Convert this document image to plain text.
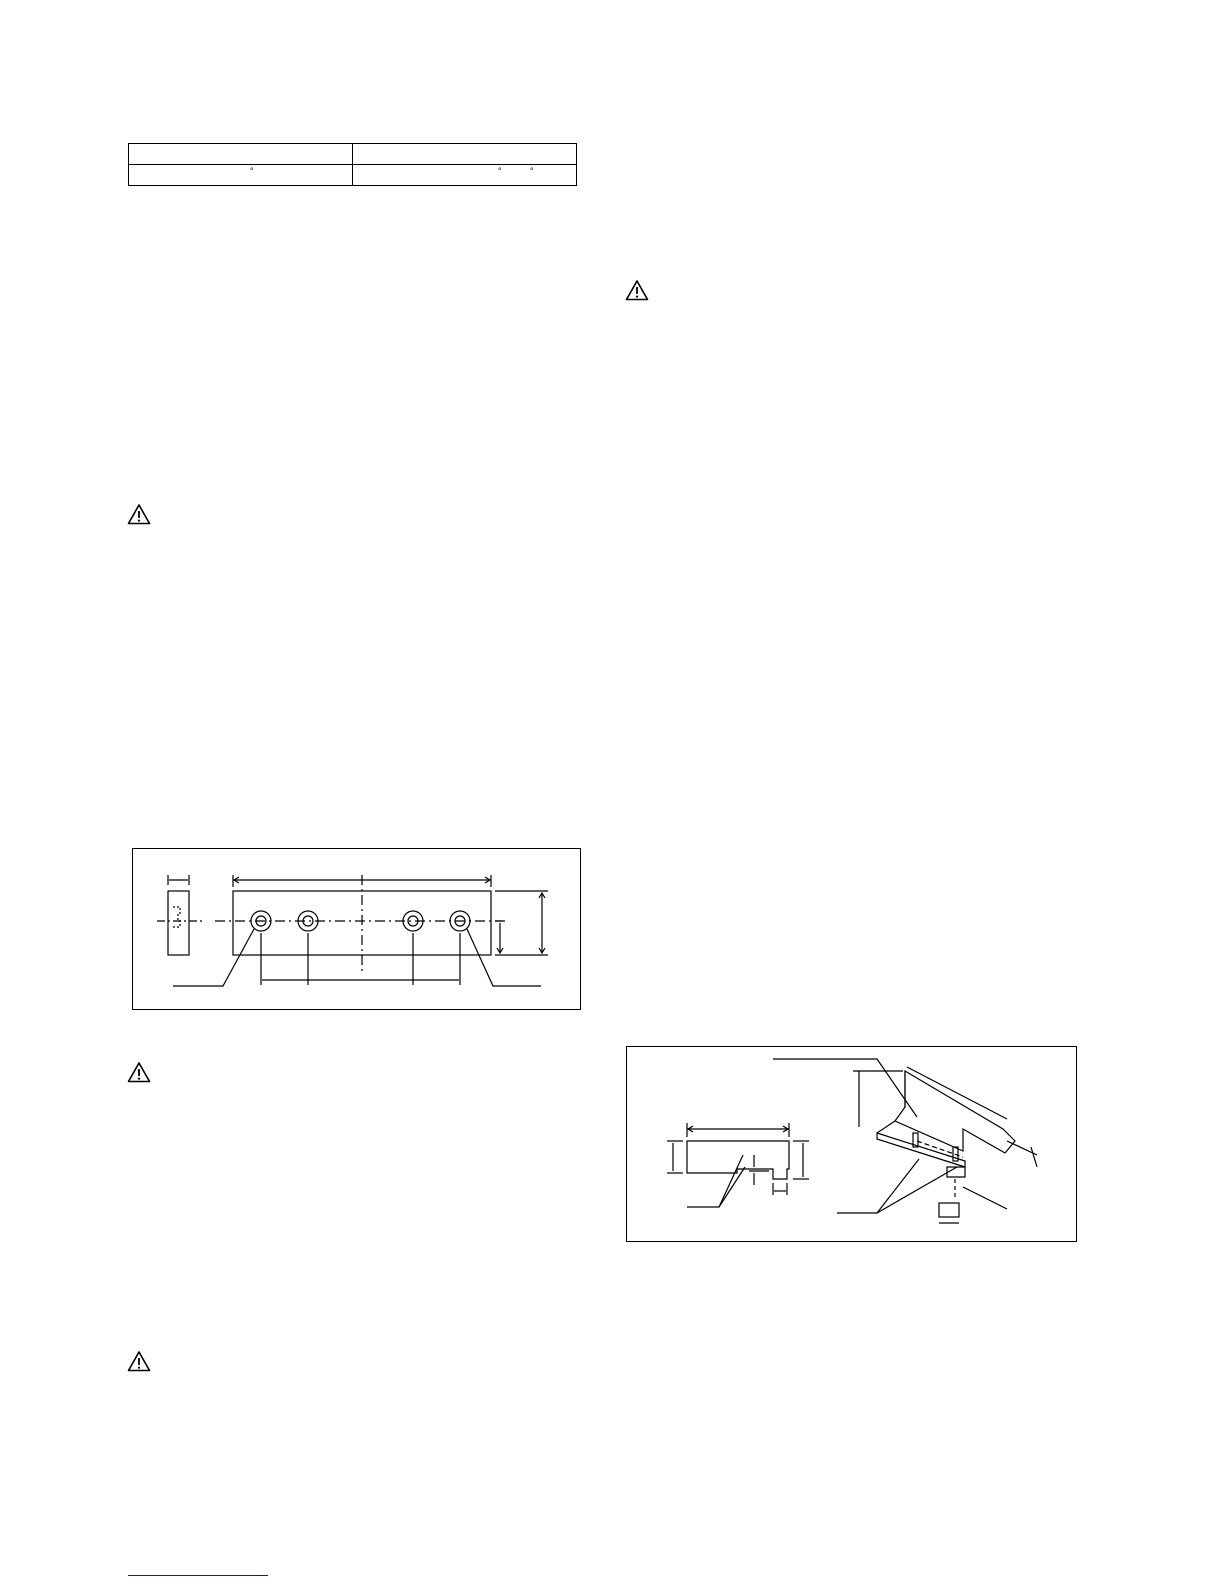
°	° °
